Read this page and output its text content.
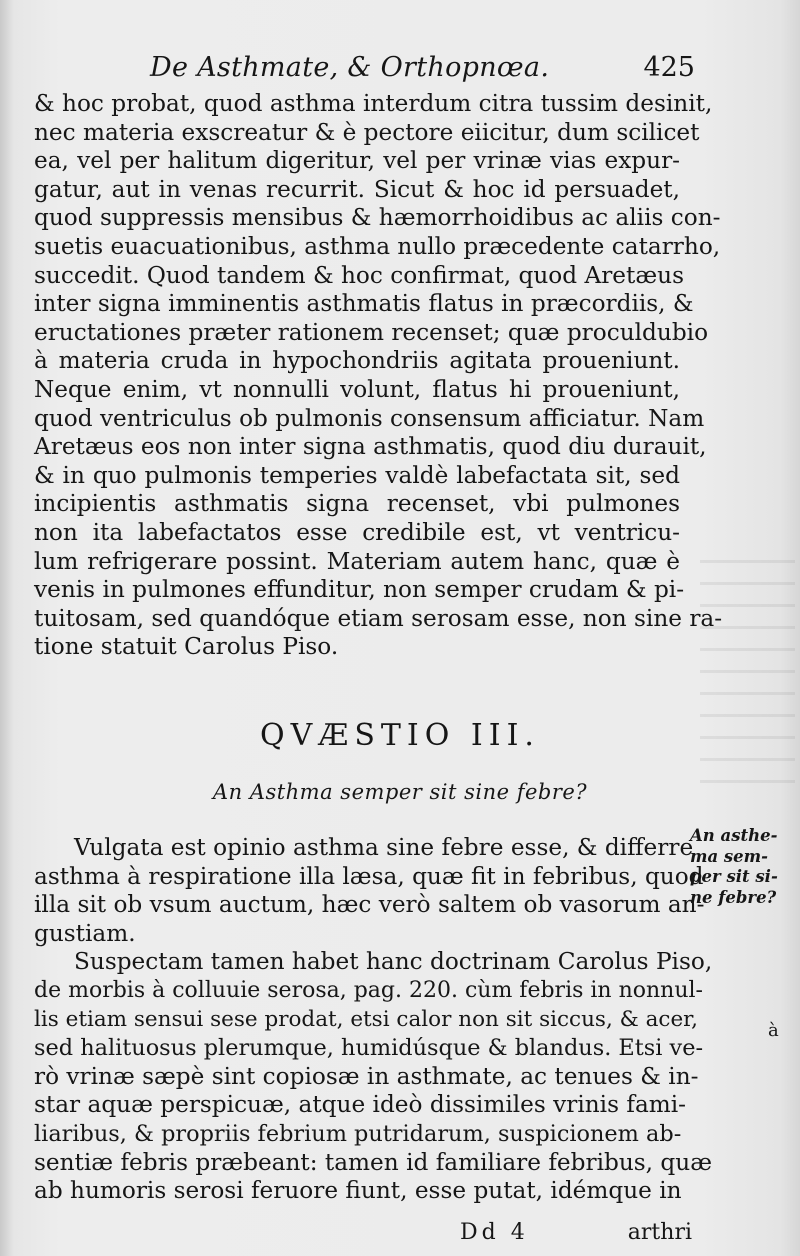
De Asthmate, & Orthopnœa.	425
& hoc probat, quod asthma interdum citra tussim desinit,
nec materia exscreatur & è pectore eiicitur, dum scilicet
ea, vel per halitum digeritur, vel per vrinæ vias expur-
gatur, aut in venas recurrit. Sicut & hoc id persuadet,
quod suppressis mensibus & hæmorrhoidibus ac aliis con-
suetis euacuationibus, asthma nullo præcedente catarrho,
succedit. Quod tandem & hoc confirmat, quod Aretæus
inter signa imminentis asthmatis flatus in præcordiis, &
eructationes præter rationem recenset; quæ proculdubio
à materia cruda in hypochondriis agitata proueniunt.
Neque enim, vt nonnulli volunt, flatus hi proueniunt,
quod ventriculus ob pulmonis consensum afficiatur. Nam
Aretæus eos non inter signa asthmatis, quod diu durauit,
& in quo pulmonis temperies valdè labefactata sit, sed
incipientis asthmatis signa recenset, vbi pulmones
non ita labefactatos esse credibile est, vt ventricu-
lum refrigerare possint. Materiam autem hanc, quæ è
venis in pulmones effunditur, non semper crudam & pi-
tuitosam, sed quandóque etiam serosam esse, non sine ra-
tione statuit Carolus Piso.
QVÆSTIO III.
An Asthma semper sit sine febre?
Vulgata est opinio asthma sine febre esse, & differre
asthma à respiratione illa læsa, quæ fit in febribus, quod
illa sit ob vsum auctum, hæc verò saltem ob vasorum an-
gustiam.
Suspectam tamen habet hanc doctrinam Carolus Piso,
de morbis à colluuie serosa, pag. 220. cùm febris in nonnul-
lis etiam sensui sese prodat, etsi calor non sit siccus, & acer,
sed halituosus plerumque, humidúsque & blandus. Etsi ve-
rò vrinæ sæpè sint copiosæ in asthmate, ac tenues & in-
star aquæ perspicuæ, atque ideò dissimiles vrinis fami-
liaribus, & propriis febrium putridarum, suspicionem ab-
sentiæ febris præbeant: tamen id familiare febribus, quæ
ab humoris serosi feruore fiunt, esse putat, idémque in
An asthe-
ma sem-
per sit si-
ne febre?
à
Dd 4	arthri
